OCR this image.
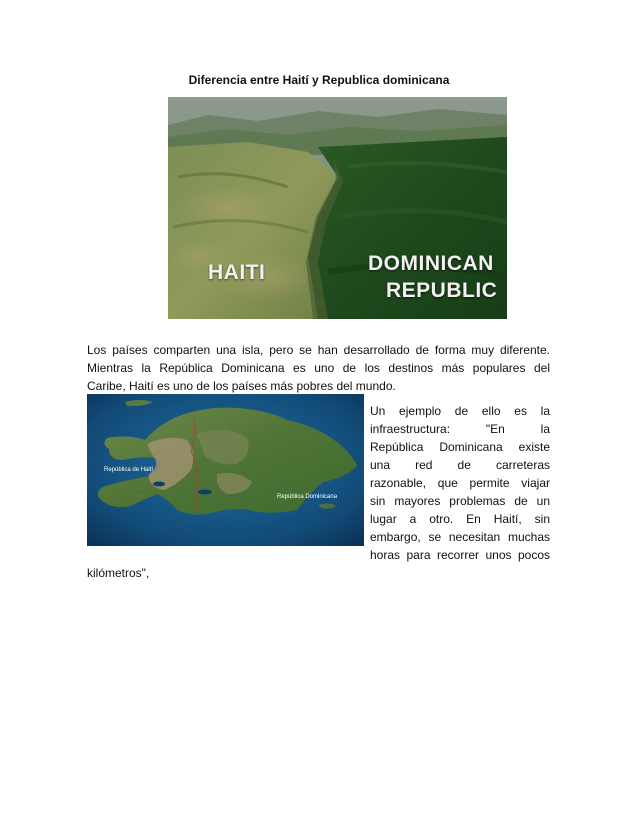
Diferencia entre Haití y Republica dominicana
HAITI	DOMINICAN
REPUBLIC
Los países comparten una isla, pero se han desarrollado de forma muy diferente.
Mientras la República Dominicana es uno de los destinos más populares del
Caribe, Haití es uno de los países más pobres del mundo.
República de Haití
República Dominicana
Un ejemplo de ello es la
infraestructura: "En la
República Dominicana existe
una red de carreteras
razonable, que permite viajar
sin mayores problemas de un
lugar a otro. En Haití, sin
embargo, se necesitan muchas
horas para recorrer unos pocos
kilómetros",
